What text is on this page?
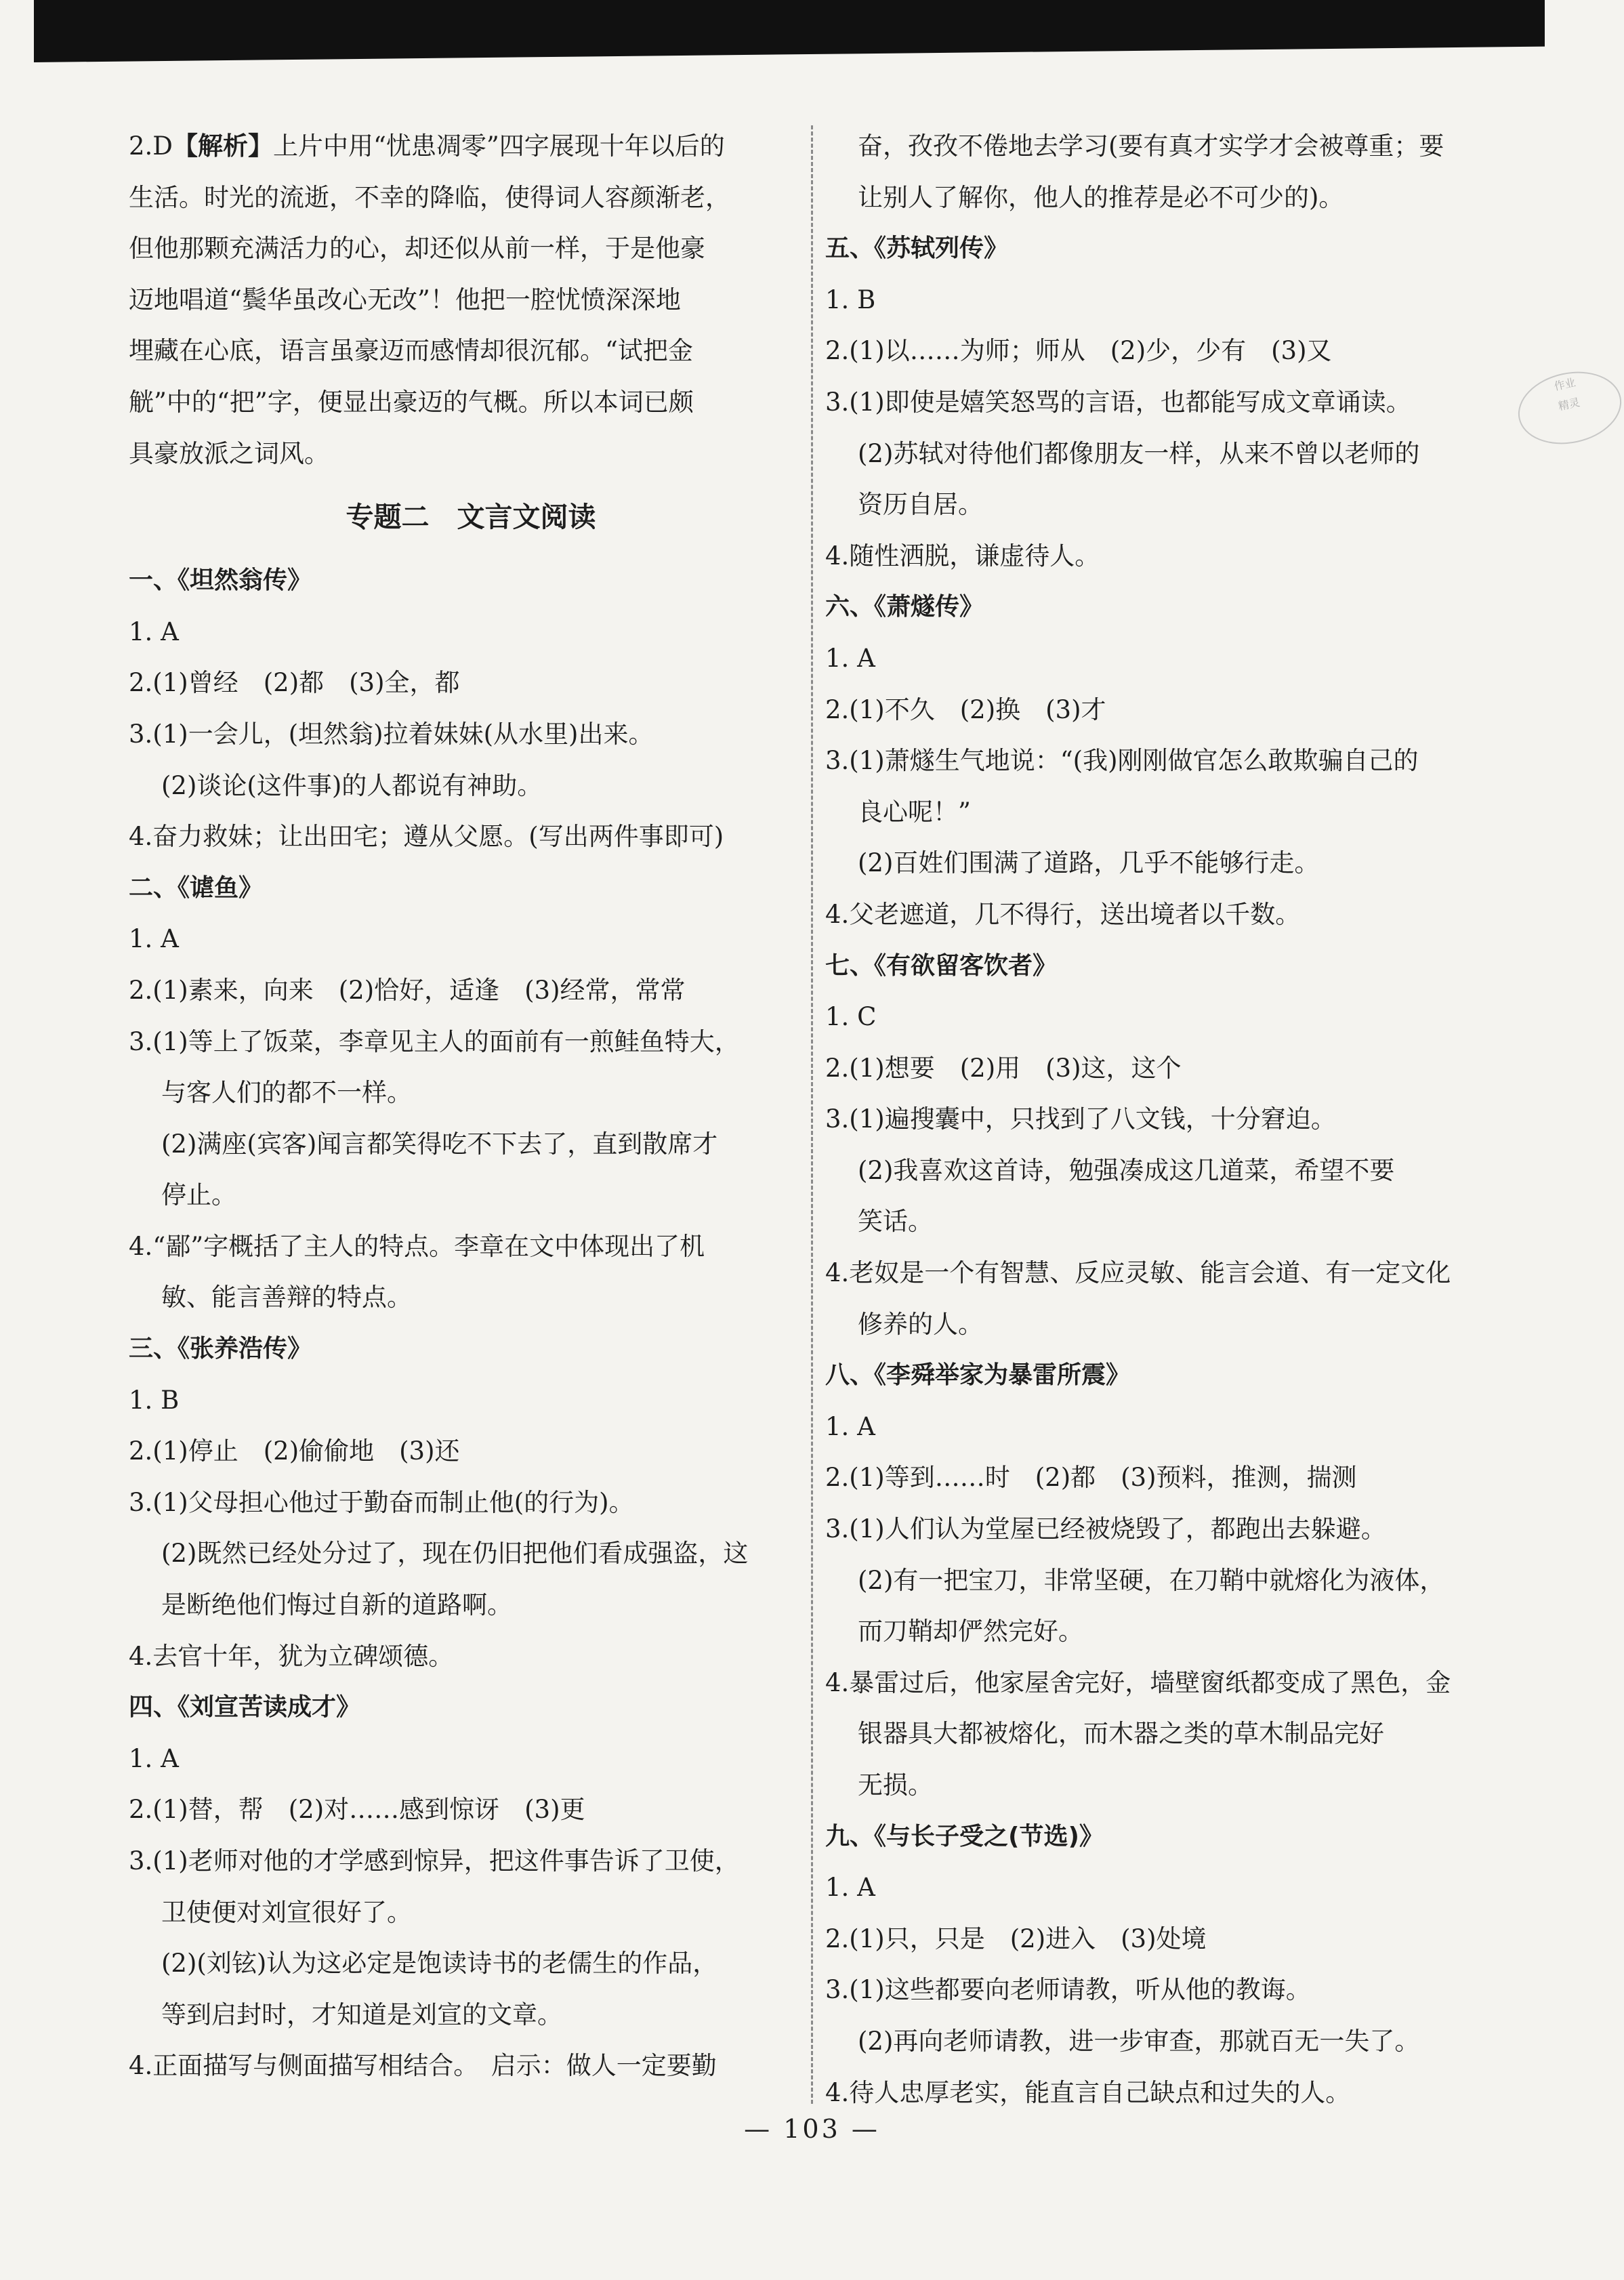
2.D【解析】上片中用“忧患凋零”四字展现十年以后的
生活。时光的流逝，不幸的降临，使得词人容颜渐老，
但他那颗充满活力的心，却还似从前一样，于是他豪
迈地唱道“鬓华虽改心无改”！他把一腔忧愤深深地
埋藏在心底，语言虽豪迈而感情却很沉郁。“试把金
觥”中的“把”字，便显出豪迈的气概。所以本词已颇
具豪放派之词风。
专题二　文言文阅读
一、《坦然翁传》
1. A
2.(1)曾经　(2)都　(3)全，都
3.(1)一会儿，(坦然翁)拉着妹妹(从水里)出来。
(2)谈论(这件事)的人都说有神助。
4.奋力救妹；让出田宅；遵从父愿。(写出两件事即可)
二、《谑鱼》
1. A
2.(1)素来，向来　(2)恰好，适逢　(3)经常，常常
3.(1)等上了饭菜，李章见主人的面前有一煎鲑鱼特大，
与客人们的都不一样。
(2)满座(宾客)闻言都笑得吃不下去了，直到散席才
停止。
4.“鄙”字概括了主人的特点。李章在文中体现出了机
敏、能言善辩的特点。
三、《张养浩传》
1. B
2.(1)停止　(2)偷偷地　(3)还
3.(1)父母担心他过于勤奋而制止他(的行为)。
(2)既然已经处分过了，现在仍旧把他们看成强盗，这
是断绝他们悔过自新的道路啊。
4.去官十年，犹为立碑颂德。
四、《刘宣苦读成才》
1. A
2.(1)替，帮　(2)对……感到惊讶　(3)更
3.(1)老师对他的才学感到惊异，把这件事告诉了卫使，
卫使便对刘宣很好了。
(2)(刘铉)认为这必定是饱读诗书的老儒生的作品，
等到启封时，才知道是刘宣的文章。
4.正面描写与侧面描写相结合。　启示：做人一定要勤
奋，孜孜不倦地去学习(要有真才实学才会被尊重；要
让别人了解你，他人的推荐是必不可少的)。
五、《苏轼列传》
1. B
2.(1)以……为师；师从　(2)少，少有　(3)又
3.(1)即使是嬉笑怒骂的言语，也都能写成文章诵读。
(2)苏轼对待他们都像朋友一样，从来不曾以老师的
资历自居。
4.随性洒脱，谦虚待人。
六、《萧燧传》
1. A
2.(1)不久　(2)换　(3)才
3.(1)萧燧生气地说：“(我)刚刚做官怎么敢欺骗自己的
良心呢！”
(2)百姓们围满了道路，几乎不能够行走。
4.父老遮道，几不得行，送出境者以千数。
七、《有欲留客饮者》
1. C
2.(1)想要　(2)用　(3)这，这个
3.(1)遍搜囊中，只找到了八文钱，十分窘迫。
(2)我喜欢这首诗，勉强凑成这几道菜，希望不要
笑话。
4.老奴是一个有智慧、反应灵敏、能言会道、有一定文化
修养的人。
八、《李舜举家为暴雷所震》
1. A
2.(1)等到……时　(2)都　(3)预料，推测，揣测
3.(1)人们认为堂屋已经被烧毁了，都跑出去躲避。
(2)有一把宝刀，非常坚硬，在刀鞘中就熔化为液体，
而刀鞘却俨然完好。
4.暴雷过后，他家屋舍完好，墙壁窗纸都变成了黑色，金
银器具大都被熔化，而木器之类的草木制品完好
无损。
九、《与长子受之(节选)》
1. A
2.(1)只，只是　(2)进入　(3)处境
3.(1)这些都要向老师请教，听从他的教诲。
(2)再向老师请教，进一步审查，那就百无一失了。
4.待人忠厚老实，能直言自己缺点和过失的人。
作业
精灵
— 103 —
